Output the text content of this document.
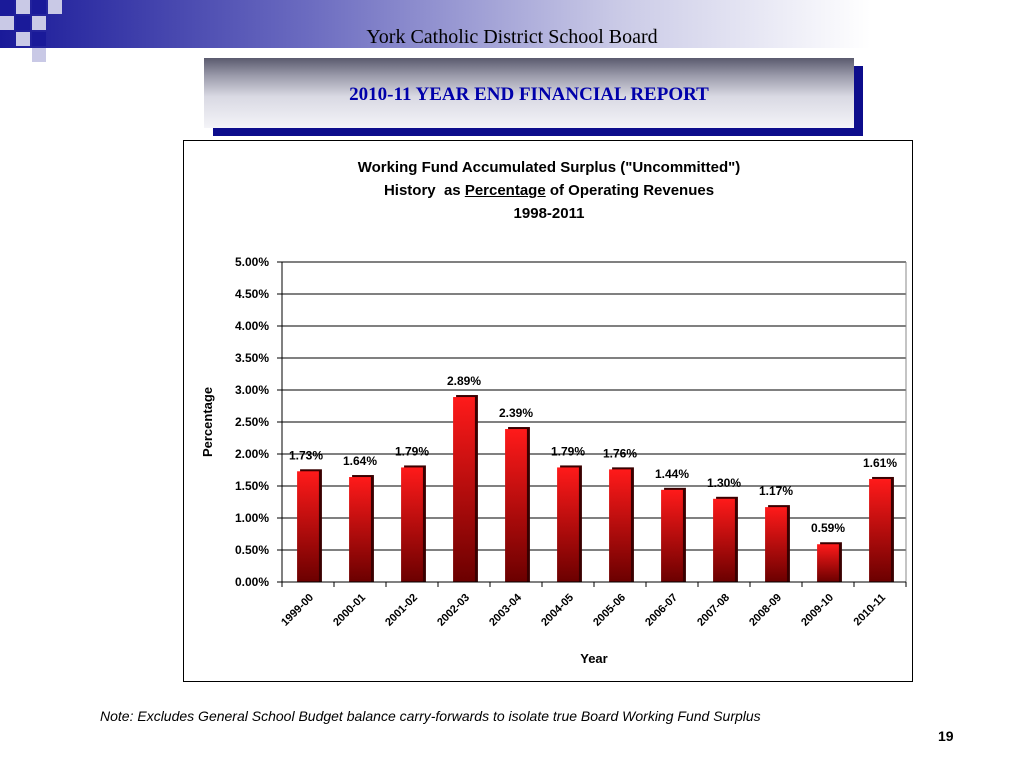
York Catholic District School Board
2010-11 YEAR END FINANCIAL REPORT
Working Fund Accumulated Surplus ("Uncommitted")
History  as Percentage of Operating Revenues
1998-2011
0.00%
0.50%
1.00%
1.50%
2.00%
2.50%
3.00%
3.50%
4.00%
4.50%
5.00%
1.73%
1999-00
1.64%
2000-01
1.79%
2001-02
2.89%
2002-03
2.39%
2003-04
1.79%
2004-05
1.76%
2005-06
1.44%
2006-07
1.30%
2007-08
1.17%
2008-09
0.59%
2009-10
1.61%
2010-11
Year
Percentage
Note: Excludes General School Budget balance carry-forwards to isolate true Board Working Fund Surplus
19
